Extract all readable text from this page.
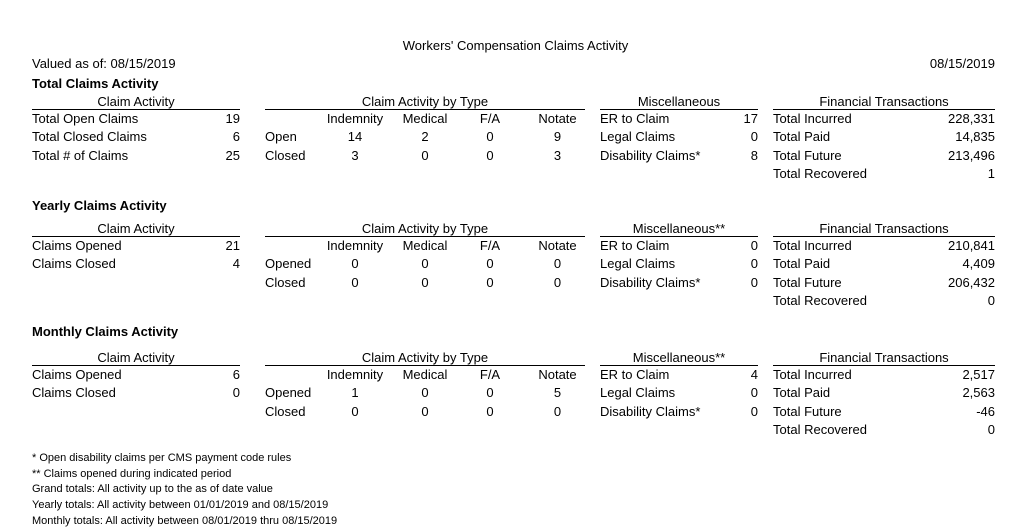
Workers' Compensation Claims Activity
Valued as of: 08/15/2019	08/15/2019
Total Claims Activity
Claim Activity
Total Open Claims	19
Total Closed Claims	6
Total # of Claims	25
Claim Activity by Type
Indemnity	Medical	F/A	Notate
Open	14	2	0	9
Closed	3	0	0	3
Miscellaneous
ER to Claim	17
Legal Claims	0
Disability Claims*	8
Financial Transactions
Total Incurred	228,331
Total Paid	14,835
Total Future	213,496
Total Recovered	1
Yearly Claims Activity
Claim Activity
Claims Opened	21
Claims Closed	4
Claim Activity by Type
Indemnity	Medical	F/A	Notate
Opened	0	0	0	0
Closed	0	0	0	0
Miscellaneous**
ER to Claim	0
Legal Claims	0
Disability Claims*	0
Financial Transactions
Total Incurred	210,841
Total Paid	4,409
Total Future	206,432
Total Recovered	0
Monthly Claims Activity
Claim Activity
Claims Opened	6
Claims Closed	0
Claim Activity by Type
Indemnity	Medical	F/A	Notate
Opened	1	0	0	5
Closed	0	0	0	0
Miscellaneous**
ER to Claim	4
Legal Claims	0
Disability Claims*	0
Financial Transactions
Total Incurred	2,517
Total Paid	2,563
Total Future	-46
Total Recovered	0
* Open disability claims per CMS payment code rules
** Claims opened during indicated period
Grand totals: All activity up to the as of date value
Yearly totals: All activity between 01/01/2019 and 08/15/2019
Monthly totals: All activity between 08/01/2019 thru 08/15/2019
